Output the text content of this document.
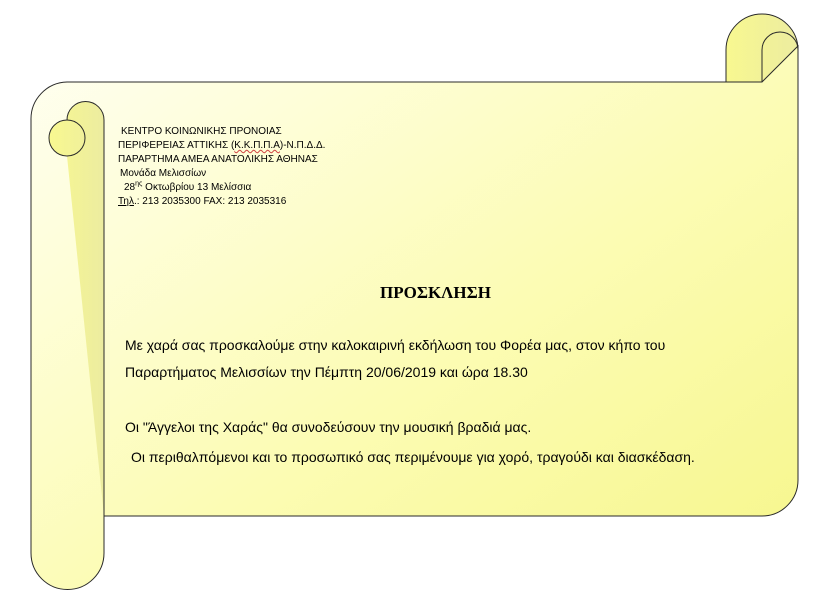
ΚΕΝΤΡΟ ΚΟΙΝΩΝΙΚΗΣ ΠΡΟΝΟΙΑΣ

ΠΕΡΙΦΕΡΕΙΑΣ ΑΤΤΙΚΗΣ (Κ.Κ.Π.Π.Α)-Ν.Π.Δ.Δ.

ΠΑΡΑΡΤΗΜΑ ΑΜΕΑ ΑΝΑΤΟΛΙΚΗΣ ΑΘΗΝΑΣ

Μονάδα Μελισσίων

$28^{\eta\varsigma}$ Οκτωβρίου 13 Μελίσσια

Τηλ.: 213 2035300 FAX: 213 2035316

ΠΡΟΣΚΛΗΣΗ

Με χαρά σας προσκαλούμε στην καλοκαιρινή εκδήλωση του Φορέα μας, στον κήπο του

Παραρτήματος Μελισσίων την Πέμπτη 20/06/2019 και ώρα 18.30

Οι "Άγγελοι της Χαράς" θα συνοδεύσουν την μουσική βραδιά μας.

Οι περιθαλπόμενοι και το προσωπικό σας περιμένουμε για χορό, τραγούδι και διασκέδαση.
